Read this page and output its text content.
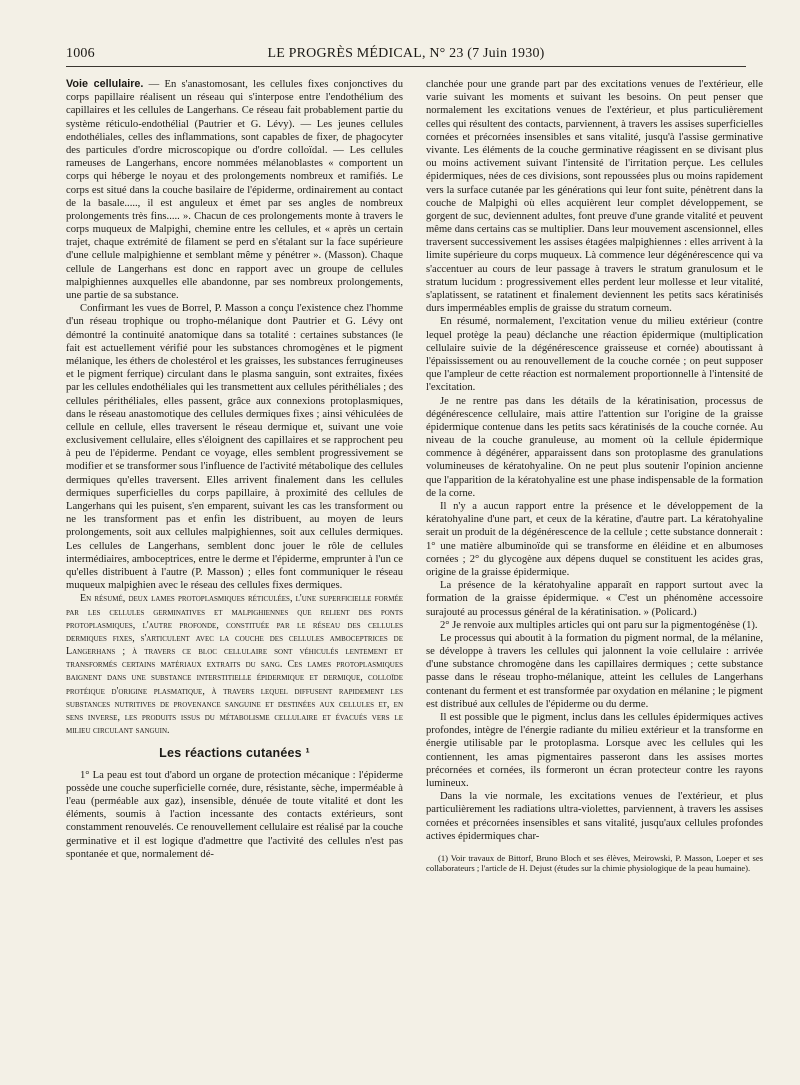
1006	LE PROGRÈS MÉDICAL, N° 23 (7 Juin 1930)

Voie cellulaire. — En s'anastomosant, les cellules fixes conjonctives du corps papillaire réalisent un réseau qui s'interpose entre l'endothélium des capillaires et les cellules de Langerhans. Ce réseau fait probablement partie du système réticulo-endothélial (Pautrier et G. Lévy). — Les jeunes cellules endothéliales, celles des inflammations, sont capables de fixer, de phagocyter des particules d'ordre microscopique ou d'ordre colloïdal. — Les cellules rameuses de Langerhans, encore nommées mélanoblastes « comportent un corps qui héberge le noyau et des prolongements nombreux et ramifiés. Le corps est situé dans la couche basilaire de l'épiderme, ordinairement au contact de la basale....., il est anguleux et émet par ses angles de nombreux prolongements très fins..... ». Chacun de ces prolongements monte à travers le corps muqueux de Malpighi, chemine entre les cellules, et « après un certain trajet, chaque extrémité de filament se perd en s'étalant sur la face supérieure d'une cellule malpighienne et semblant même y pénétrer ». (Masson). Chaque cellule de Langerhans est donc en rapport avec un groupe de cellules malpighiennes auxquelles elle abandonne, par ses nombreux prolongements, une partie de sa substance.

Confirmant les vues de Borrel, P. Masson a conçu l'existence chez l'homme d'un réseau trophique ou tropho-mélanique dont Pautrier et G. Lévy ont démontré la continuité anatomique dans sa totalité : certaines substances (le fait est actuellement vérifié pour les substances chromogènes et le pigment mélanique, les éthers de cholestérol et les graisses, les substances ferrugineuses et le pigment ferrique) circulant dans le plasma sanguin, sont extraites, fixées par les cellules endothéliales qui les transmettent aux cellules périthéliales ; des cellules périthéliales, elles passent, grâce aux connexions protoplasmiques, dans le réseau anastomotique des cellules dermiques fixes ; ainsi véhiculées de cellule en cellule, elles traversent le réseau dermique et, suivant une voie exclusivement cellulaire, elles s'éloignent des capillaires et se rapprochent peu à peu de l'épiderme. Pendant ce voyage, elles semblent progressivement se modifier et se transformer sous l'influence de l'activité métabolique des cellules dermiques qu'elles traversent. Elles arrivent finalement dans les cellules dermiques superficielles du corps papillaire, à proximité des cellules de Langerhans qui les puisent, s'en emparent, suivant les cas les transforment ou ne les transforment pas et enfin les distribuent, au moyen de leurs prolongements, soit aux cellules malpighiennes, soit aux cellules dermiques. Les cellules de Langerhans, semblent donc jouer le rôle de cellules intermédiaires, amboceptrices, entre le derme et l'épiderme, emprunter à l'un ce qu'elles distribuent à l'autre (P. Masson) ; elles font communiquer le réseau muqueux malpighien avec le réseau des cellules fixes dermiques.

En résumé, deux lames protoplasmiques réticulées, l'une superficielle formée par les cellules germinatives et malpighiennes que relient des ponts protoplasmiques, l'autre profonde, constituée par le réseau des cellules dermiques fixes, s'articulent avec la couche des cellules amboceptrices de Langerhans ; à travers ce bloc cellulaire sont véhiculés lentement et transformés certains matériaux extraits du sang. Ces lames protoplasmiques baignent dans une substance interstitielle épidermique et dermique, colloïde protéique d'origine plasmatique, à travers lequel diffusent rapidement les substances nutritives de provenance sanguine et destinées aux cellules et, en sens inverse, les produits issus du métabolisme cellulaire et évacués vers le milieu circulant sanguin.

Les réactions cutanées ¹

1° La peau est tout d'abord un organe de protection mécanique : l'épiderme possède une couche superficielle cornée, dure, résistante, sèche, imperméable à l'eau (perméable aux gaz), insensible, dénuée de toute vitalité et dont les éléments, soumis à l'action incessante des contacts extérieurs, sont constamment renouvelés. Ce renouvellement cellulaire est réalisé par la couche germinative et il est logique d'admettre que l'activité des cellules n'est pas spontanée et que, normalement dé-

clanchée pour une grande part par des excitations venues de l'extérieur, elle varie suivant les moments et suivant les besoins. On peut penser que normalement les excitations venues de l'extérieur, et plus particulièrement celles qui résultent des contacts, parviennent, à travers les assises superficielles cornées et précornées insensibles et sans vitalité, jusqu'à l'assise germinative vivante. Les éléments de la couche germinative réagissent en se divisant plus ou moins activement suivant l'intensité de l'irritation perçue. Les cellules épidermiques, nées de ces divisions, sont repoussées plus ou moins rapidement vers la surface cutanée par les générations qui leur font suite, pénètrent dans la couche de Malpighi où elles acquièrent leur complet développement, se gorgent de suc, deviennent adultes, font preuve d'une grande vitalité et peuvent même dans certains cas se multiplier. Dans leur mouvement ascensionnel, elles traversent successivement les assises étagées malpighiennes : elles arrivent à la limite supérieure du corps muqueux. Là commence leur dégénérescence qui va s'accentuer au cours de leur passage à travers le stratum granulosum et le stratum lucidum : progressivement elles perdent leur mollesse et leur vitalité, s'aplatissent, se ratatinent et finalement deviennent les petits sacs kératinisés durs imperméables emplis de graisse du stratum corneum.

En résumé, normalement, l'excitation venue du milieu extérieur (contre lequel protège la peau) déclanche une réaction épidermique (multiplication cellulaire suivie de la dégénérescence graisseuse et cornée) aboutissant à l'épaississement ou au renouvellement de la couche cornée ; on peut supposer que l'ampleur de cette réaction est normalement proportionnelle à l'intensité de l'excitation.

Je ne rentre pas dans les détails de la kératinisation, processus de dégénérescence cellulaire, mais attire l'attention sur l'origine de la graisse épidermique contenue dans les petits sacs kératinisés de la couche cornée. Au niveau de la couche granuleuse, au moment où la cellule épidermique commence à dégénérer, apparaissent dans son protoplasme des granulations volumineuses de kératohyaline. On ne peut plus soutenir l'opinion ancienne que l'apparition de la kératohyaline est une phase indispensable de la formation de la corne.

Il n'y a aucun rapport entre la présence et le développement de la kératohyaline d'une part, et ceux de la kératine, d'autre part. La kératohyaline serait un produit de la dégénérescence de la cellule ; cette substance donnerait : 1° une matière albuminoïde qui se transforme en éléidine et en albumoses cornées ; 2° du glycogène aux dépens duquel se constituent les acides gras, origine de la graisse épidermique.

La présence de la kératohyaline apparaît en rapport surtout avec la formation de la graisse épidermique. « C'est un phénomène accessoire surajouté au processus général de la kératinisation. » (Policard.)

2° Je renvoie aux multiples articles qui ont paru sur la pigmentogénèse (1).

Le processus qui aboutit à la formation du pigment normal, de la mélanine, se développe à travers les cellules qui jalonnent la voie cellulaire : arrivée d'une substance chromogène dans les capillaires dermiques ; cette substance passe dans le réseau tropho-mélanique, atteint les cellules de Langerhans contenant du ferment et est transformée par oxydation en mélanine ; le pigment est distribué aux cellules de l'épiderme ou du derme.

Il est possible que le pigment, inclus dans les cellules épidermiques actives profondes, intègre de l'énergie radiante du milieu extérieur et la transforme en énergie utilisable par le protoplasma. Lorsque avec les cellules qui les contiennent, les amas pigmentaires passeront dans les assises mortes précornées et cornées, ils formeront un écran protecteur contre les rayons lumineux.

Dans la vie normale, les excitations venues de l'extérieur, et plus particulièrement les radiations ultra-violettes, parviennent, à travers les assises cornées et précornées insensibles et sans vitalité, jusqu'aux cellules profondes actives épidermiques char-

(1) Voir travaux de Bittorf, Bruno Bloch et ses élèves, Meirowski, P. Masson, Loeper et ses collaborateurs ; l'article de H. Dejust (études sur la chimie physiologique de la peau humaine).
